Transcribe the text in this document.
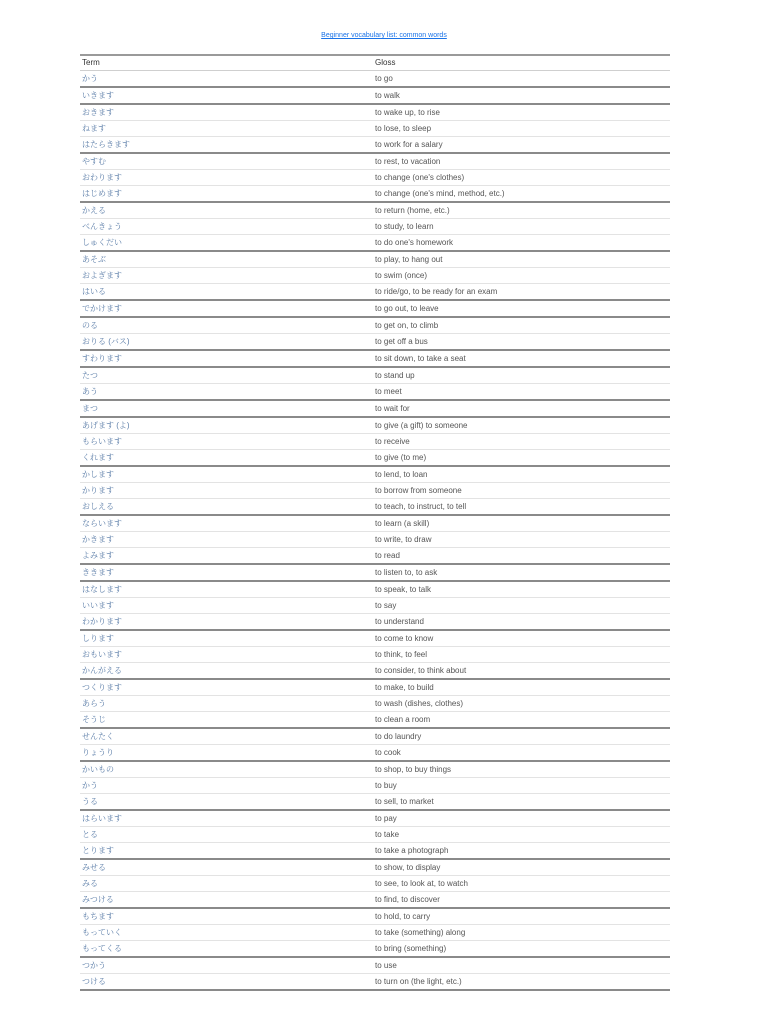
Beginner vocabulary list: common words
Term	Gloss
かう	to go
いきます	to walk
おきます	to wake up, to rise
ねます	to lose, to sleep
はたらきます	to work for a salary
やすむ	to rest, to vacation
おわります	to change (one's clothes)
はじめます	to change (one's mind, method, etc.)
かえる	to return (home, etc.)
べんきょう	to study, to learn
しゅくだい	to do one's homework
あそぶ	to play, to hang out
およぎます	to swim (once)
はいる	to ride/go, to be ready for an exam
でかけます	to go out, to leave
のる	to get on, to climb
おりる (バス)	to get off a bus
すわります	to sit down, to take a seat
たつ	to stand up
あう	to meet
まつ	to wait for
あげます (よ)	to give (a gift) to someone
もらいます	to receive
くれます	to give (to me)
かします	to lend, to loan
かります	to borrow from someone
おしえる	to teach, to instruct, to tell
ならいます	to learn (a skill)
かきます	to write, to draw
よみます	to read
ききます	to listen to, to ask
はなします	to speak, to talk
いいます	to say
わかります	to understand
しります	to come to know
おもいます	to think, to feel
かんがえる	to consider, to think about
つくります	to make, to build
あらう	to wash (dishes, clothes)
そうじ	to clean a room
せんたく	to do laundry
りょうり	to cook
かいもの	to shop, to buy things
かう	to buy
うる	to sell, to market
はらいます	to pay
とる	to take
とります	to take a photograph
みせる	to show, to display
みる	to see, to look at, to watch
みつける	to find, to discover
もちます	to hold, to carry
もっていく	to take (something) along
もってくる	to bring (something)
つかう	to use
つける	to turn on (the light, etc.)
